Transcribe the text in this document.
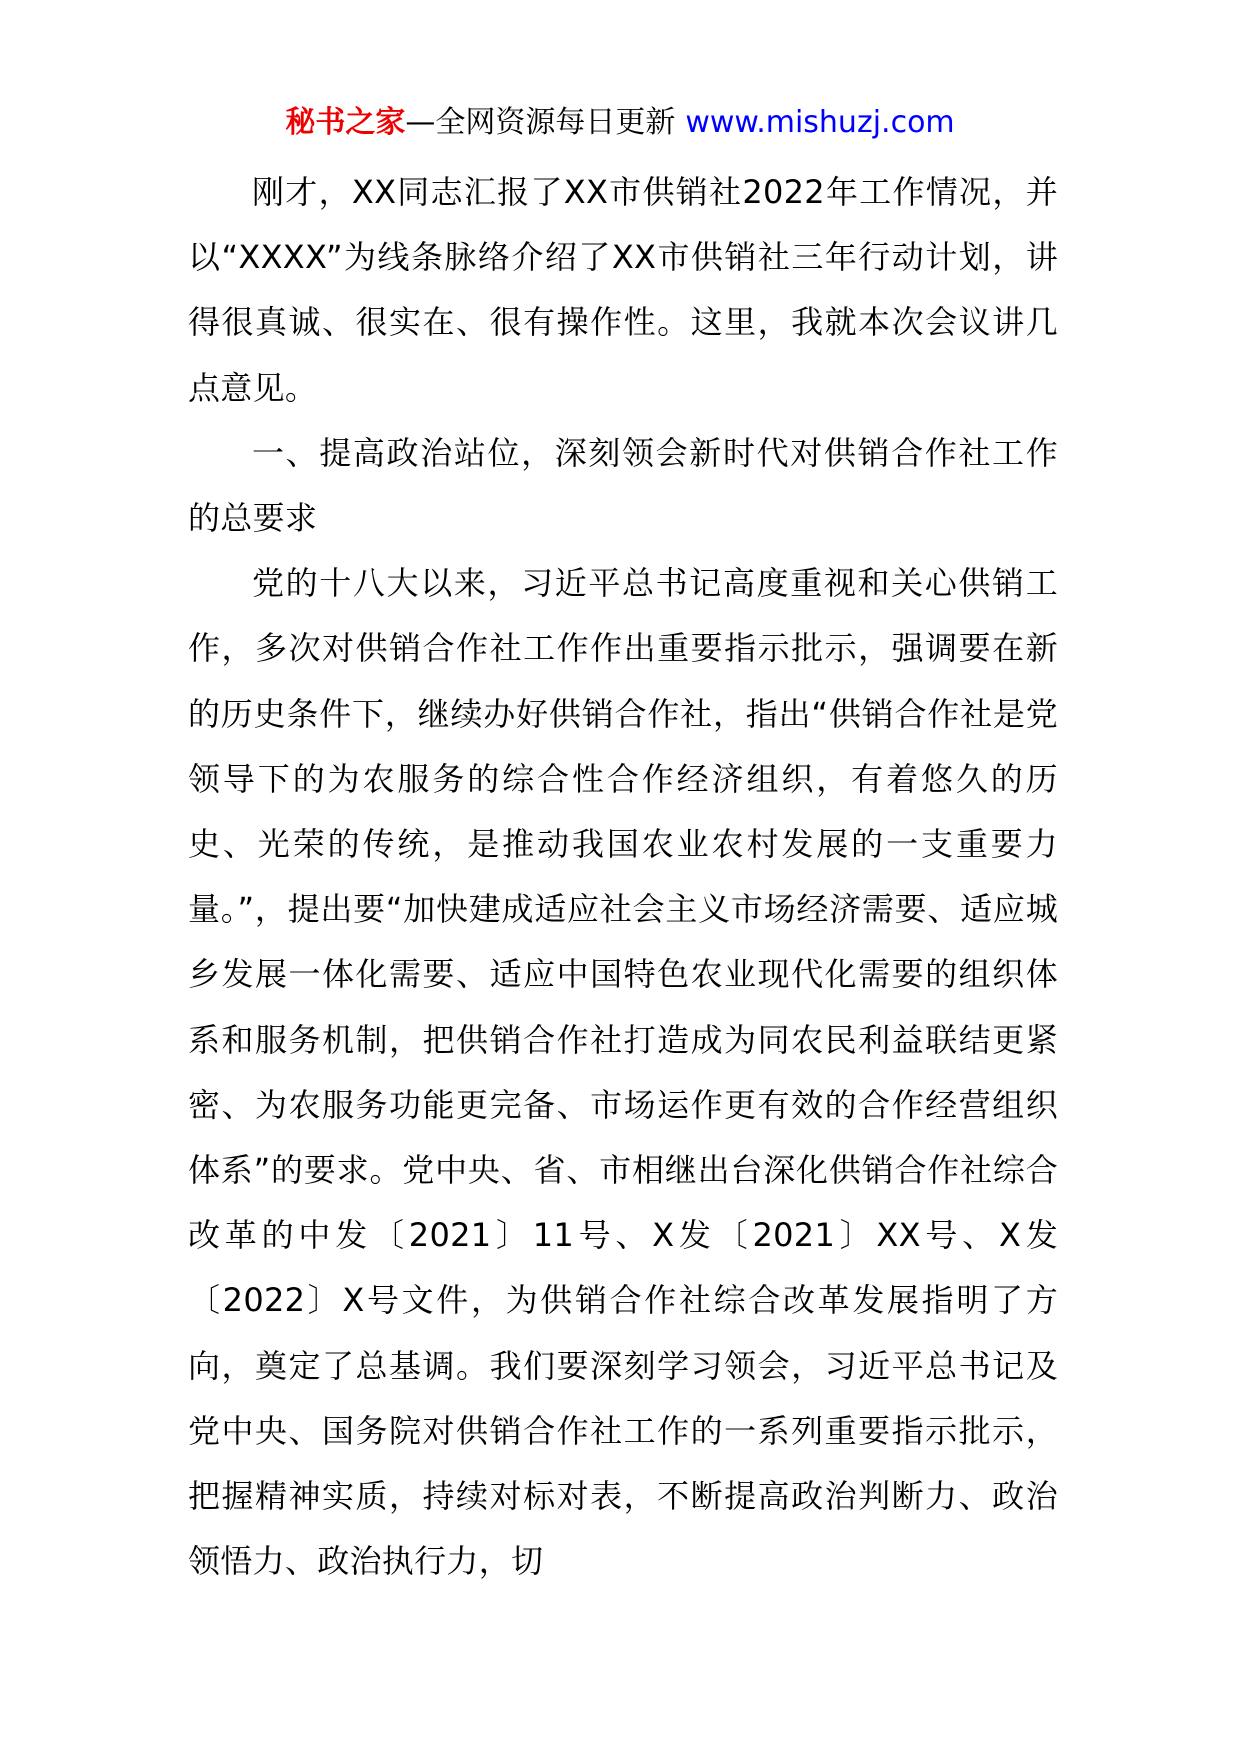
秘书之家—全网资源每日更新 www.mishuzj.com

刚才，XX同志汇报了XX市供销社2022年工作情况，并以“XXXX”为线条脉络介绍了XX市供销社三年行动计划，讲得很真诚、很实在、很有操作性。这里，我就本次会议讲几点意见。

一、提高政治站位，深刻领会新时代对供销合作社工作的总要求

党的十八大以来，习近平总书记高度重视和关心供销工作，多次对供销合作社工作作出重要指示批示，强调要在新的历史条件下，继续办好供销合作社，指出“供销合作社是党领导下的为农服务的综合性合作经济组织，有着悠久的历史、光荣的传统，是推动我国农业农村发展的一支重要力量。”，提出要“加快建成适应社会主义市场经济需要、适应城乡发展一体化需要、适应中国特色农业现代化需要的组织体系和服务机制，把供销合作社打造成为同农民利益联结更紧密、为农服务功能更完备、市场运作更有效的合作经营组织体系”的要求。党中央、省、市相继出台深化供销合作社综合改革的中发〔2021〕11号、X发〔2021〕XX号、X发〔2022〕X号文件，为供销合作社综合改革发展指明了方向，奠定了总基调。我们要深刻学习领会，习近平总书记及党中央、国务院对供销合作社工作的一系列重要指示批示，把握精神实质，持续对标对表，不断提高政治判断力、政治领悟力、政治执行力，切
